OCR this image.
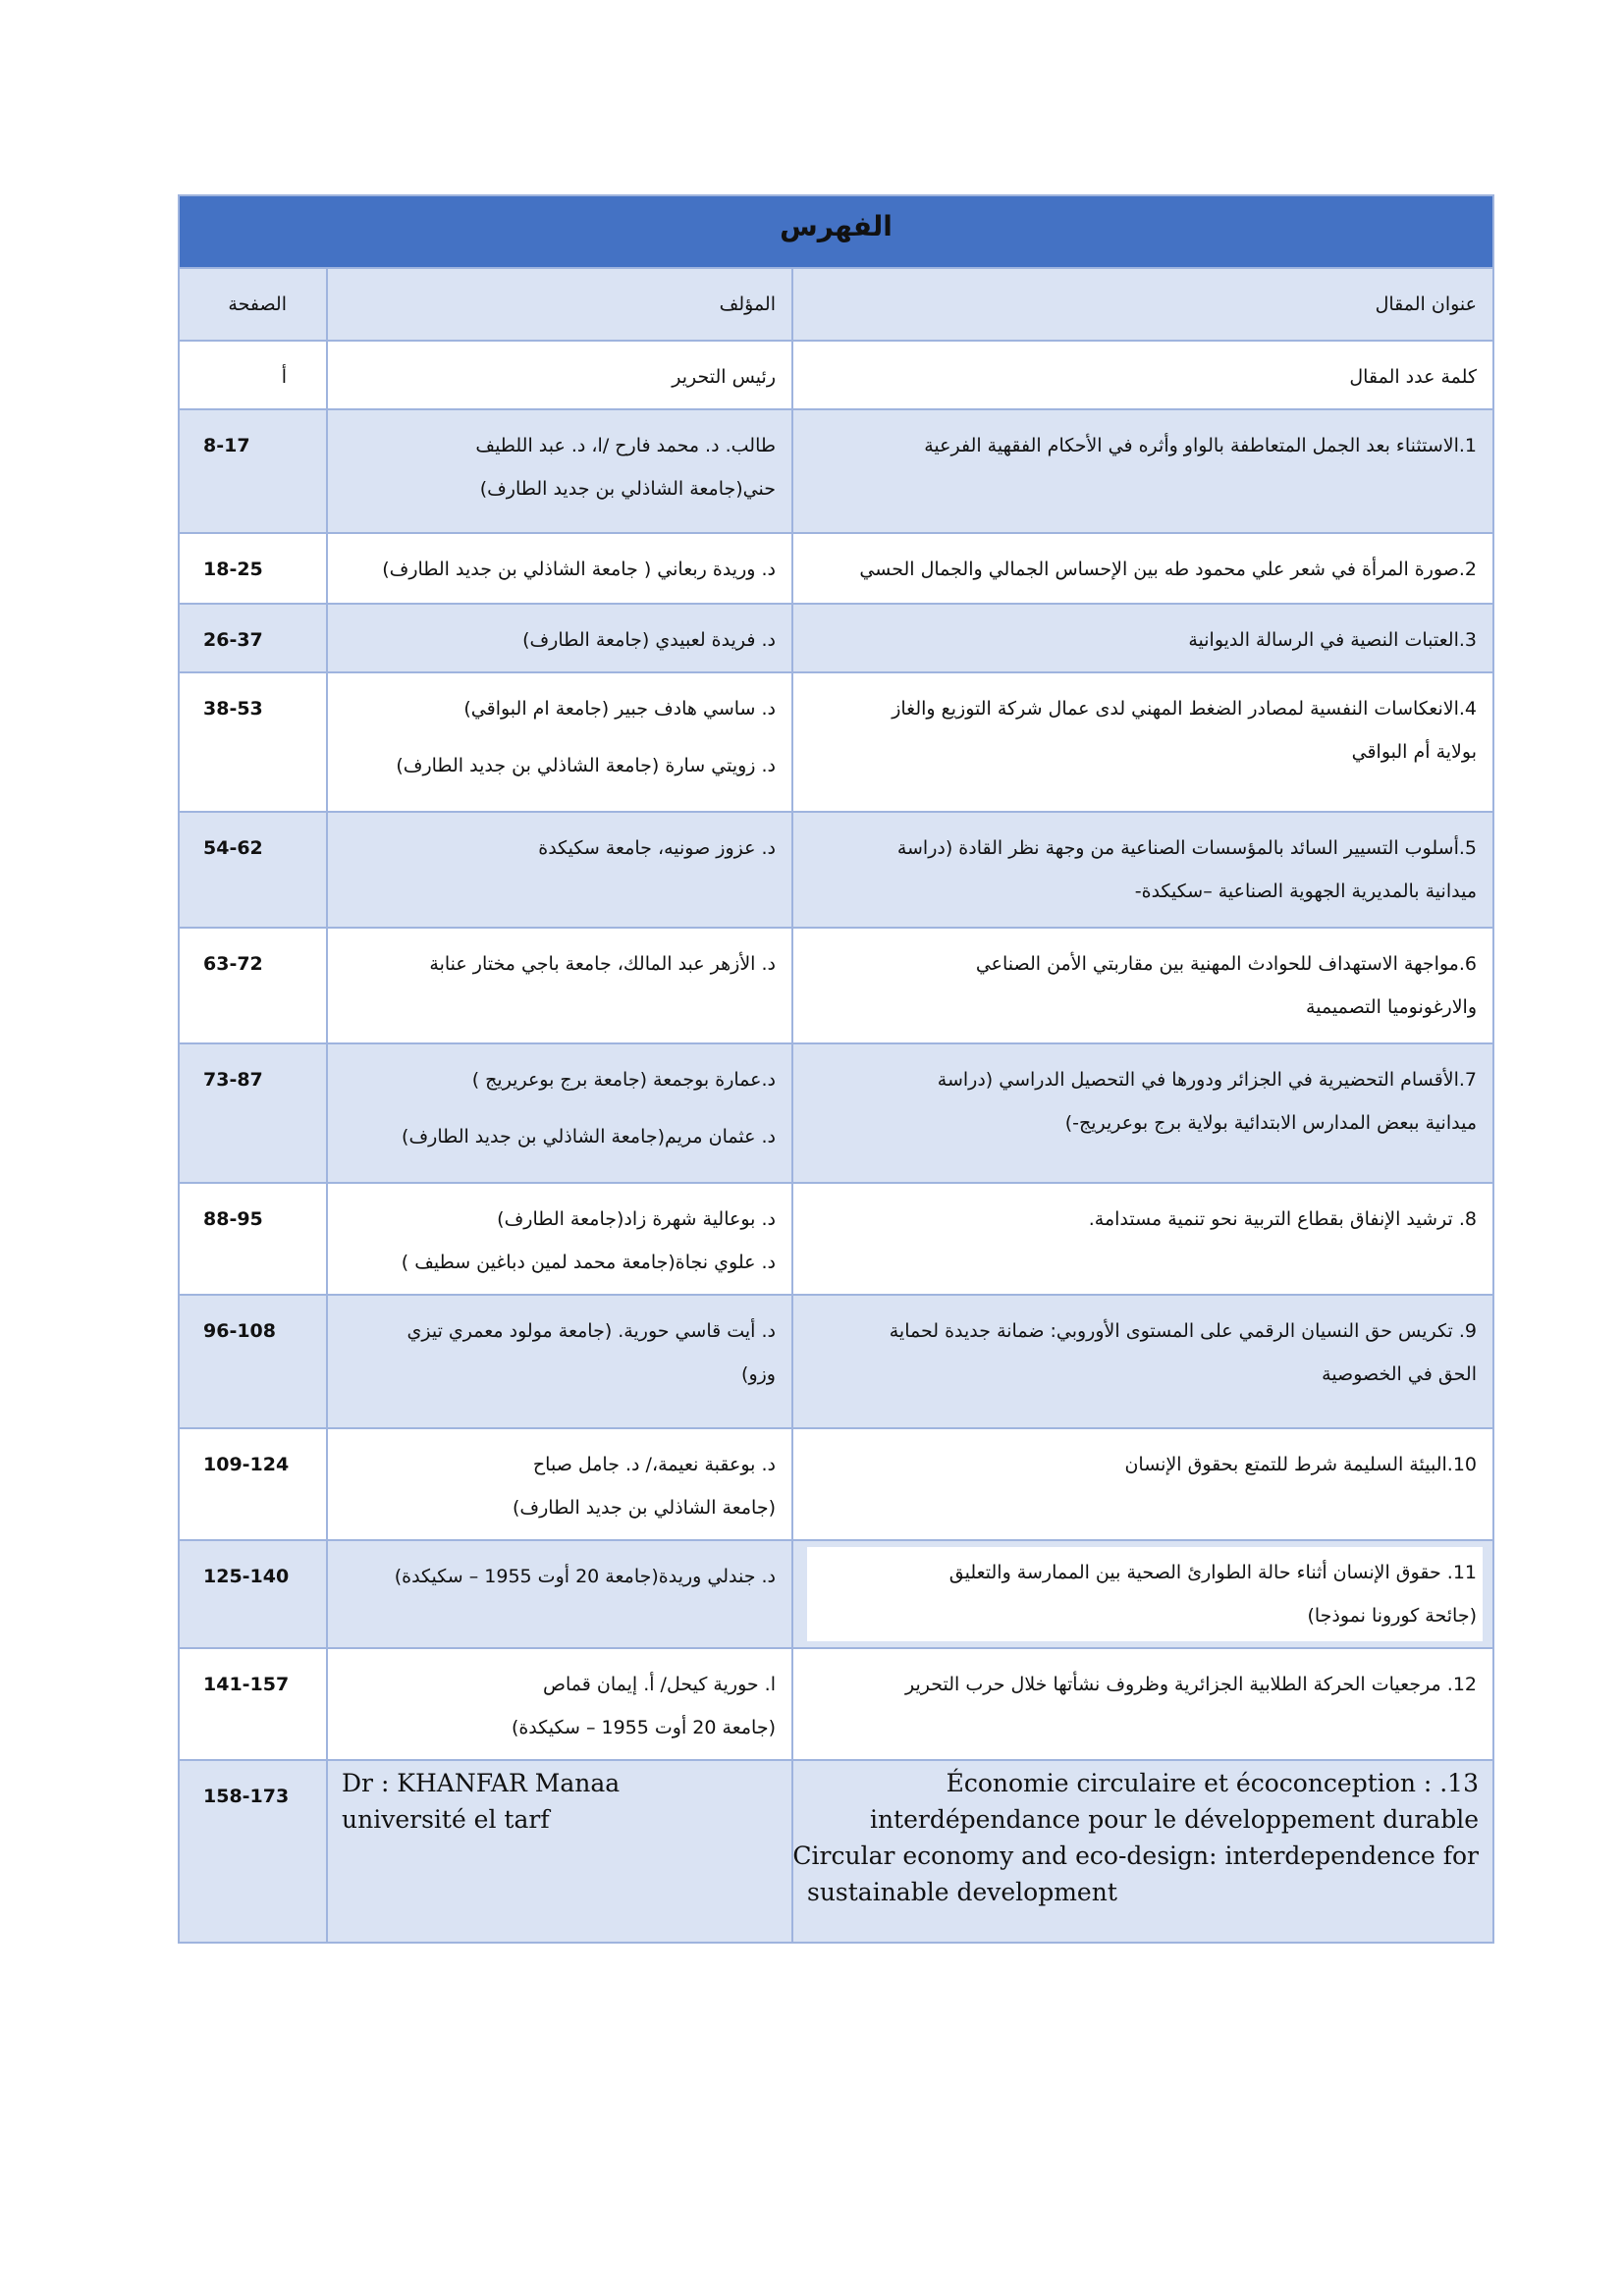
الفهرس		

عنوان المقال	المؤلف	الصفحة

كلمة عدد المقال	رئيس التحرير	أ

1.الاستثناء بعد الجمل المتعاطفة بالواو وأثره في الأحكام الفقهية الفرعية	طالب. د. محمد فارح /ا، د. عبد اللطيف
حني(جامعة الشاذلي بن جديد الطارف)	8-17

2.صورة المرأة في شعر علي محمود طه بين الإحساس الجمالي والجمال الحسي	د. وريدة ربعاني ( جامعة الشاذلي بن جديد الطارف)	18-25

3.العتبات النصية في الرسالة الديوانية	د. فريدة لعبيدي (جامعة الطارف)	26-37

4.الانعكاسات النفسية لمصادر الضغط المهني لدى عمال شركة التوزيع والغاز
بولاية أم البواقي	د. ساسي هادف جبير (جامعة ام البواقي)
د. زويتي سارة (جامعة الشاذلي بن جديد الطارف)	38-53

5.أسلوب التسيير السائد بالمؤسسات الصناعية من وجهة نظر القادة (دراسة
ميدانية بالمديرية الجهوية الصناعية –سكيكدة-	د. عزوز صونيه، جامعة سكيكدة	54-62

6.مواجهة الاستهداف للحوادث المهنية بين مقاربتي الأمن الصناعي
والارغونوميا التصميمية	د. الأزهر عبد المالك، جامعة باجي مختار عنابة	63-72

7.الأقسام التحضيرية في الجزائر ودورها في التحصيل الدراسي (دراسة
ميدانية ببعض المدارس الابتدائية بولاية برج بوعريريج-)	د.عمارة بوجمعة (جامعة برج بوعريريج )
د. عثمان مريم(جامعة الشاذلي بن جديد الطارف)	73-87

8. ترشيد الإنفاق بقطاع التربية نحو تنمية مستدامة.	د. بوعالية شهرة زاد(جامعة الطارف)
د. علوي نجاة(جامعة محمد لمين دباغين سطيف )	88-95

9. تكريس حق النسيان الرقمي على المستوى الأوروبي: ضمانة جديدة لحماية
الحق في الخصوصية	د. أيت قاسي حورية. (جامعة مولود معمري تيزي
وزو)	96-108

10.البيئة السليمة شرط للتمتع بحقوق الإنسان	د. بوعقبة نعيمة،/ د. جامل صباح
(جامعة الشاذلي بن جديد الطارف)	109-124

11. حقوق الإنسان أثناء حالة الطوارئ الصحية بين الممارسة والتعليق
(جائحة كورونا نموذجا)	د. جندلي وريدة(جامعة 20 أوت 1955 – سكيكدة)	125-140

12. مرجعيات الحركة الطلابية الجزائرية وظروف نشأتها خلال حرب التحرير	ا. حورية كيحل/ أ. إيمان قماص
(جامعة 20 أوت 1955 – سكيكدة)	141-157

Économie circulaire et écoconception : .13
interdépendance pour le développement durable
Circular economy and eco-design: interdependence for
sustainable development	Dr : KHANFAR Manaa
université el tarf	158-173
